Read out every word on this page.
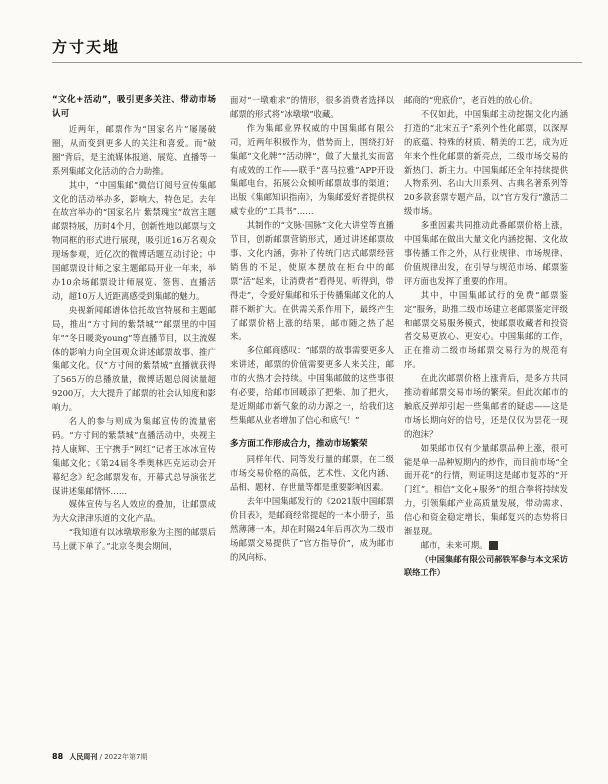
方寸天地
“文化+活动”，吸引更多关注、带动市场认可

近两年，邮票作为“国家名片”屡屡破圈，从而变到更多人的关注和喜爱。而“破圈”背后，是主流媒体报道、展览、直播等一系列集邮文化活动的合力助推。

其中，“中国集邮”微信订阅号宣传集邮文化的活动举办多，影响大，特色足。去年在故宫举办的“国家名片 紫禁瑰宝”故宫主题邮票特展，历时4个月，创新性地以邮票与文物同框的形式进行展现，吸引近16万名观众现场参观，近亿次的微博话题互动讨论；中国邮票设计师之家主题邮局开业一年来，举办10余场邮票设计师展览、签售、直播活动，超10万人近距离感受到集邮的魅力。

央视新闻邮谱体信托故宫特展和主题邮局，推出“方寸间的紫禁城”“邮票里的中国年”“冬日暖炎young”等直播节目，以主流媒体的影响力向全国观众讲述邮票故事、推广集邮文化。仅“方寸间的紫禁城”直播就获得了565万的总播放量，微博话题总阅读量超9200万，大大提升了邮票的社会认知度和影响力。

名人的参与则成为集邮宣传的流量密码。“方寸间的紫禁城”直播活动中，央视主持人康辉、王宁携手“网红”记者王冰冰宣传集邮文化；《第24届冬季奥林匹克运动会开幕纪念》纪念邮票发布，开幕式总导演张艺谋讲述集邮情怀……

媒体宣传与名人效应的叠加，让邮票成为大众津津乐道的文化产品。

“我知道有以冰墩墩形象为主图的邮票后马上就下单了。”北京冬奥会期间，

面对“一墩难求”的情形，很多消费者选择以邮票的形式将“冰墩墩”收藏。

作为集邮业界权威的中国集邮有限公司，近两年积极作为，借势而上，围绕打好集邮“文化牌”“活动牌”，做了大量扎实而富有成效的工作——联手“喜马拉雅”APP开设集邮电台，拓展公众倾听邮票故事的渠道；出版《集邮知识指南》，为集邮爱好者提供权威专业的“工具书”……

其制作的“文脉·国脉”文化大讲堂等直播节目，创新邮票营销形式，通过讲述邮票故事、文化内涵，弥补了传统门店式邮票经营销售的不足，使原本摆放在柜台中的邮票“活”起来，让消费者“看得见、听得到，带得走”，令爱好集邮和乐于传播集邮文化的人群不断扩大。在供需关系作用下，最终产生了邮票价格上涨的结果，邮市随之热了起来。

多位邮商感叹：“邮票的故事需要更多人来讲述，邮票的价值需要更多人来关注，邮市的火热才会持续。中国集邮做的这些事很有必要，给邮市回暖添了把柴、加了把火，是近期邮市新气象的动力源之一，给我们这些集邮从业者增加了信心和底气！”

多方面工作形成合力，推动市场繁荣

同样年代、同等发行量的邮票，在二级市场交易价格的高低，艺术性、文化内涵、品相、题材、存世量等都是重要影响因素。

去年中国集邮发行的《2021版中国邮票价目表》，是邮商经常提起的一本小册子，虽然薄薄一本，却在时隔24年后再次为二级市场邮票交易提供了“官方指导价”，成为邮市的风向标、

邮商的“兜底价”，老百姓的放心价。

不仅如此，中国集邮主动挖掘文化内涵打造的“北宋五子”系列个性化邮票，以深厚的底蕴、特殊的材质、精美的工艺，成为近年来个性化邮票的新亮点，二级市场交易的新热门、新主力。中国集邮还全年持续提供人物系列、名山大川系列、古典名著系列等20多款套票专题产品，以“官方发行”激活二级市场。

多重因素共同推动此番邮票价格上涨，中国集邮在做出大量文化内涵挖掘、文化故事传播工作之外，从行业规律、市场规律、价值规律出发，在引导与规范市场、邮票鉴评方面也发挥了重要的作用。

其中，中国集邮试行的免费“邮票鉴定”服务，助推二级市场建立老邮票鉴定评级和邮票交易服务模式，使邮票收藏者和投资者交易更放心、更安心。中国集邮的工作，正在推动二级市场邮票交易行为的规范有序。

在此次邮票价格上涨背后，是多方共同推动着邮票交易市场的繁荣。但此次邮市的触底反弹却引起一些集邮者的疑虑——这是市场长期向好的信号，还是仅仅为昙花一现的泡沫？

如果邮市仅有少量邮票品种上涨，很可能是单一品种短期内的炒作，而目前市场“全面开花”的行情，则证明这是邮市复苏的“开门红”。相信“文化+服务”的组合拳将持续发力，引领集邮产业高质量发展，带动需求、信心和资金稳定增长，集邮复兴的态势将日渐显现。

邮市，未来可期。	A

（中国集邮有限公司郝铁军参与本文采访联络工作）

88 人民周刊 / 2022年第7期
